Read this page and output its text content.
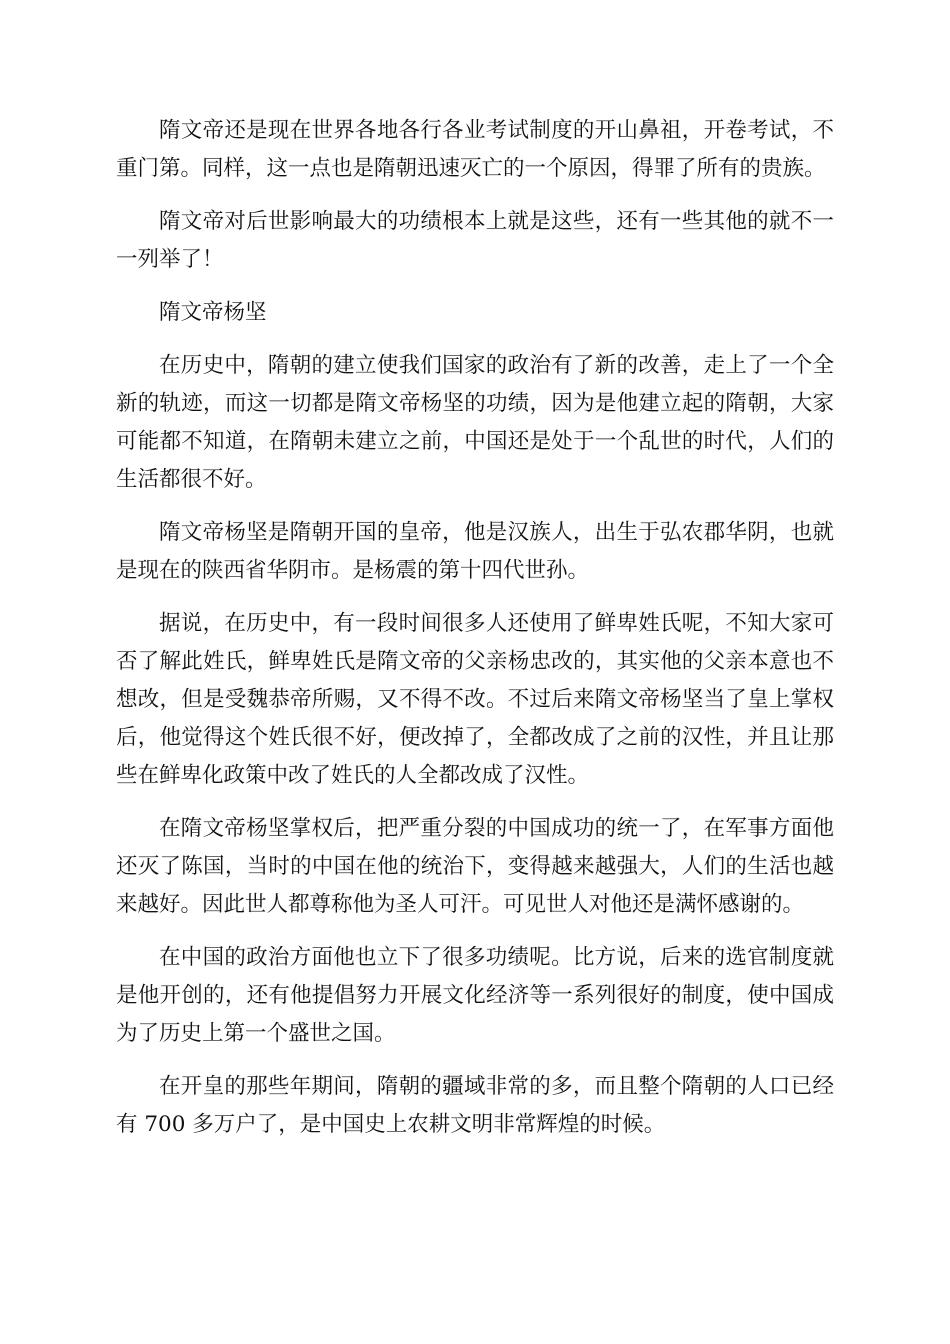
隋文帝还是现在世界各地各行各业考试制度的开山鼻祖，开卷考试，不重门第。同样，这一点也是隋朝迅速灭亡的一个原因，得罪了所有的贵族。

隋文帝对后世影响最大的功绩根本上就是这些，还有一些其他的就不一一列举了！

隋文帝杨坚

在历史中，隋朝的建立使我们国家的政治有了新的改善，走上了一个全新的轨迹，而这一切都是隋文帝杨坚的功绩，因为是他建立起的隋朝，大家可能都不知道，在隋朝未建立之前，中国还是处于一个乱世的时代，人们的生活都很不好。

隋文帝杨坚是隋朝开国的皇帝，他是汉族人，出生于弘农郡华阴，也就是现在的陕西省华阴市。是杨震的第十四代世孙。

据说，在历史中，有一段时间很多人还使用了鲜卑姓氏呢，不知大家可否了解此姓氏，鲜卑姓氏是隋文帝的父亲杨忠改的，其实他的父亲本意也不想改，但是受魏恭帝所赐，又不得不改。不过后来隋文帝杨坚当了皇上掌权后，他觉得这个姓氏很不好，便改掉了，全都改成了之前的汉性，并且让那些在鲜卑化政策中改了姓氏的人全都改成了汉性。

在隋文帝杨坚掌权后，把严重分裂的中国成功的统一了，在军事方面他还灭了陈国，当时的中国在他的统治下，变得越来越强大，人们的生活也越来越好。因此世人都尊称他为圣人可汗。可见世人对他还是满怀感谢的。

在中国的政治方面他也立下了很多功绩呢。比方说，后来的选官制度就是他开创的，还有他提倡努力开展文化经济等一系列很好的制度，使中国成为了历史上第一个盛世之国。

在开皇的那些年期间，隋朝的疆域非常的多，而且整个隋朝的人口已经有 700 多万户了，是中国史上农耕文明非常辉煌的时候。
